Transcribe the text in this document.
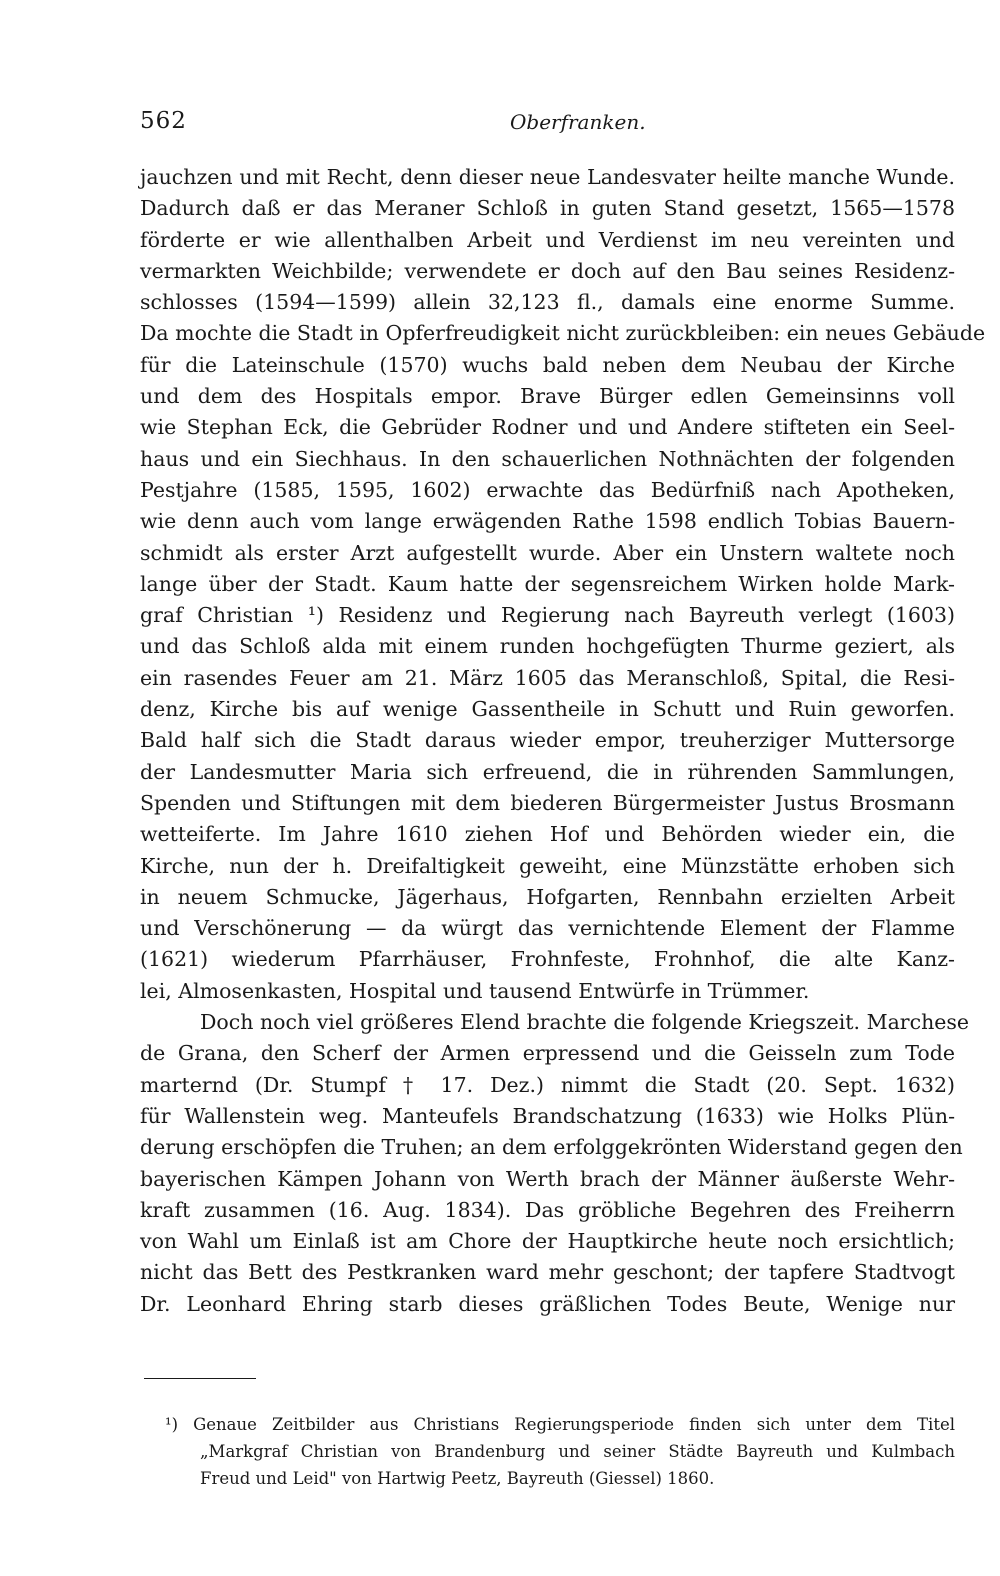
562	Oberfranken.
jauchzen und mit Recht, denn dieser neue Landesvater heilte manche Wunde.
Dadurch daß er das Meraner Schloß in guten Stand gesetzt, 1565—1578
förderte er wie allenthalben Arbeit und Verdienst im neu vereinten und
vermarkten Weichbilde; verwendete er doch auf den Bau seines Residenz-
schlosses (1594—1599) allein 32,123 fl., damals eine enorme Summe.
Da mochte die Stadt in Opferfreudigkeit nicht zurückbleiben: ein neues Gebäude
für die Lateinschule (1570) wuchs bald neben dem Neubau der Kirche
und dem des Hospitals empor. Brave Bürger edlen Gemeinsinns voll
wie Stephan Eck, die Gebrüder Rodner und und Andere stifteten ein Seel-
haus und ein Siechhaus. In den schauerlichen Nothnächten der folgenden
Pestjahre (1585, 1595, 1602) erwachte das Bedürfniß nach Apotheken,
wie denn auch vom lange erwägenden Rathe 1598 endlich Tobias Bauern-
schmidt als erster Arzt aufgestellt wurde. Aber ein Unstern waltete noch
lange über der Stadt. Kaum hatte der segensreichem Wirken holde Mark-
graf Christian ¹) Residenz und Regierung nach Bayreuth verlegt (1603)
und das Schloß alda mit einem runden hochgefügten Thurme geziert, als
ein rasendes Feuer am 21. März 1605 das Meranschloß, Spital, die Resi-
denz, Kirche bis auf wenige Gassentheile in Schutt und Ruin geworfen.
Bald half sich die Stadt daraus wieder empor, treuherziger Muttersorge
der Landesmutter Maria sich erfreuend, die in rührenden Sammlungen,
Spenden und Stiftungen mit dem biederen Bürgermeister Justus Brosmann
wetteiferte. Im Jahre 1610 ziehen Hof und Behörden wieder ein, die
Kirche, nun der h. Dreifaltigkeit geweiht, eine Münzstätte erhoben sich
in neuem Schmucke, Jägerhaus, Hofgarten, Rennbahn erzielten Arbeit
und Verschönerung — da würgt das vernichtende Element der Flamme
(1621) wiederum Pfarrhäuser, Frohnfeste, Frohnhof, die alte Kanz-
lei, Almosenkasten, Hospital und tausend Entwürfe in Trümmer.
Doch noch viel größeres Elend brachte die folgende Kriegszeit. Marchese
de Grana, den Scherf der Armen erpressend und die Geisseln zum Tode
marternd (Dr. Stumpf † 17. Dez.) nimmt die Stadt (20. Sept. 1632)
für Wallenstein weg. Manteufels Brandschatzung (1633) wie Holks Plün-
derung erschöpfen die Truhen; an dem erfolggekrönten Widerstand gegen den
bayerischen Kämpen Johann von Werth brach der Männer äußerste Wehr-
kraft zusammen (16. Aug. 1834). Das gröbliche Begehren des Freiherrn
von Wahl um Einlaß ist am Chore der Hauptkirche heute noch ersichtlich;
nicht das Bett des Pestkranken ward mehr geschont; der tapfere Stadtvogt
Dr. Leonhard Ehring starb dieses gräßlichen Todes Beute, Wenige nur
¹) Genaue Zeitbilder aus Christians Regierungsperiode finden sich unter dem Titel
„Markgraf Christian von Brandenburg und seiner Städte Bayreuth und Kulmbach
Freud und Leid" von Hartwig Peetz, Bayreuth (Giessel) 1860.
